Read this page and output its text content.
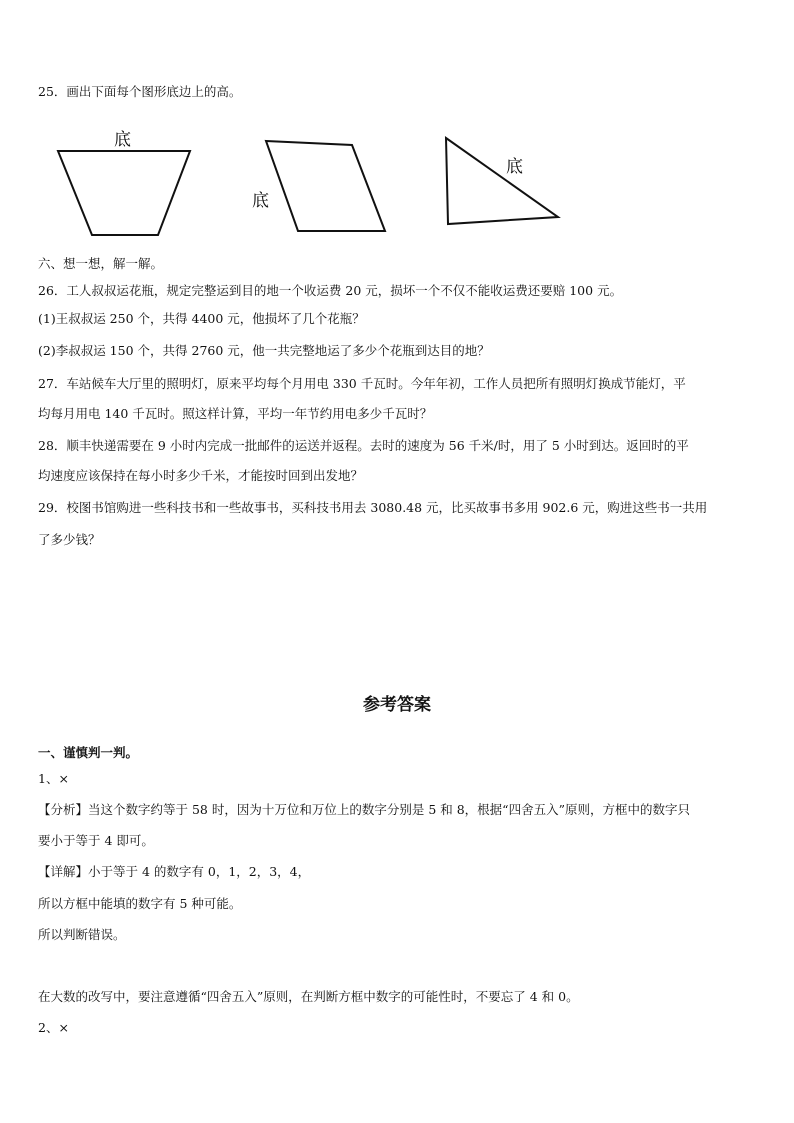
25．画出下面每个图形底边上的高。
底
底
底
六、想一想，解一解。
26．工人叔叔运花瓶，规定完整运到目的地一个收运费 20 元，损坏一个不仅不能收运费还要赔 100 元。
(1)王叔叔运 250 个，共得 4400 元，他损坏了几个花瓶？
(2)李叔叔运 150 个，共得 2760 元，他一共完整地运了多少个花瓶到达目的地？
27．车站候车大厅里的照明灯，原来平均每个月用电 330 千瓦时。今年年初，工作人员把所有照明灯换成节能灯，平
均每月用电 140 千瓦时。照这样计算，平均一年节约用电多少千瓦时？
28．顺丰快递需要在 9 小时内完成一批邮件的运送并返程。去时的速度为 56 千米/时，用了 5 小时到达。返回时的平
均速度应该保持在每小时多少千米，才能按时回到出发地？
29．校图书馆购进一些科技书和一些故事书，买科技书用去 3080.48 元，比买故事书多用 902.6 元，购进这些书一共用
了多少钱？
参考答案
一、谨慎判一判。
1、×
【分析】当这个数字约等于 58 时，因为十万位和万位上的数字分别是 5 和 8，根据“四舍五入”原则，方框中的数字只
要小于等于 4 即可。
【详解】小于等于 4 的数字有 0，1，2，3，4，
所以方框中能填的数字有 5 种可能。
所以判断错误。
在大数的改写中，要注意遵循“四舍五入”原则，在判断方框中数字的可能性时，不要忘了 4 和 0。
2、×
